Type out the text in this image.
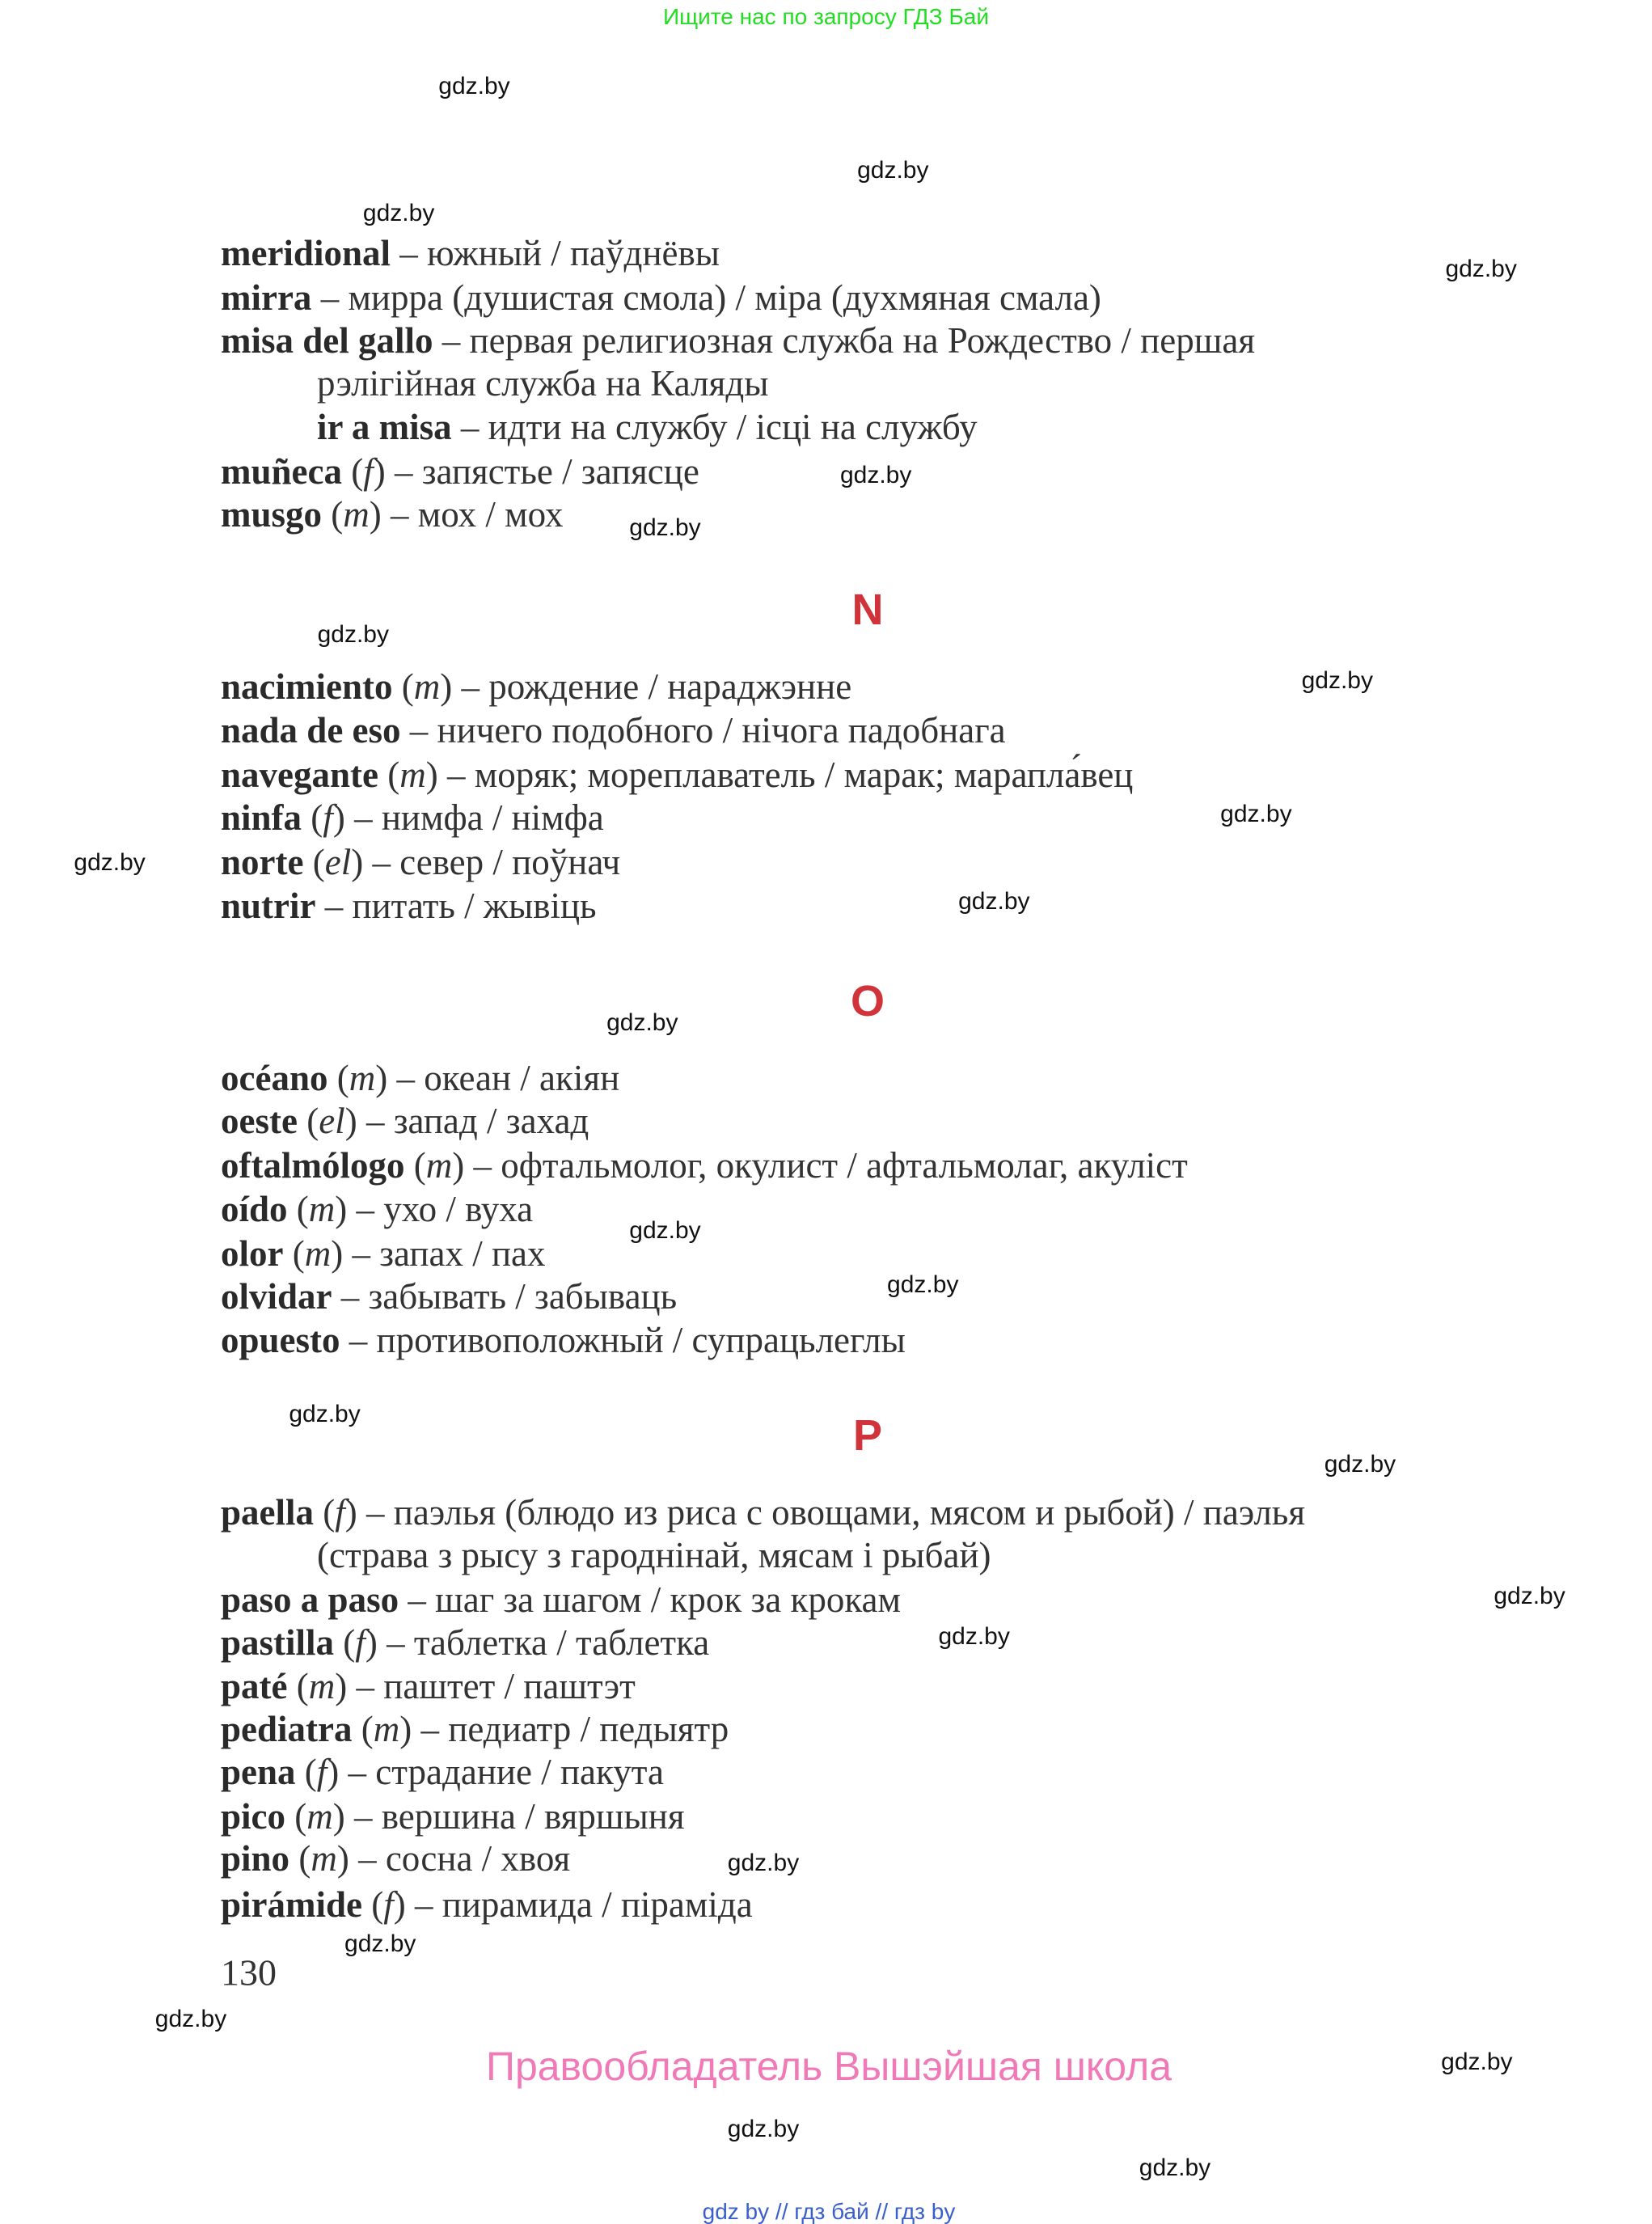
Ищите нас по запросу ГДЗ Бай
meridional – южный / паўднёвы
mirra – мирра (душистая смола) / міра (духмяная смала)
misa del gallo – первая религиозная служба на Рождество / першая
рэлігійная служба на Каляды
ir a misa – идти на службу / ісці на службу
muñeca (f) – запястье / запясце
musgo (m) – мох / мох
N
nacimiento (m) – рождение / нараджэнне
nada de eso – ничего подобного / нічога падобнага
navegante (m) – моряк; мореплаватель / марак; марапла́вец
ninfa (f) – нимфа / німфа
norte (el) – север / поўнач
nutrir – питать / жывіць
O
océano (m) – океан / акіян
oeste (el) – запад / захад
oftalmólogo (m) – офтальмолог, окулист / афтальмолаг, акуліст
oído (m) – ухо / вуха
olor (m) – запах / пах
olvidar – забывать / забываць
opuesto – противоположный / супрацьлеглы
P
paella (f) – паэлья (блюдо из риса с овощами, мясом и рыбой) / паэлья
(страва з рысу з гароднінай, мясам і рыбай)
paso a paso – шаг за шагом / крок за крокам
pastilla (f) – таблетка / таблетка
paté (m) – паштет / паштэт
pediatra (m) – педиатр / педыятр
pena (f) – страдание / пакута
pico (m) – вершина / вяршыня
pino (m) – сосна / хвоя
pirámide (f) – пирамида / піраміда
130
Правообладатель Вышэйшая школа
gdz by // гдз бай // гдз by
gdz.by
gdz.by
gdz.by
gdz.by
gdz.by
gdz.by
gdz.by
gdz.by
gdz.by
gdz.by
gdz.by
gdz.by
gdz.by
gdz.by
gdz.by
gdz.by
gdz.by
gdz.by
gdz.by
gdz.by
gdz.by
gdz.by
gdz.by
gdz.by
